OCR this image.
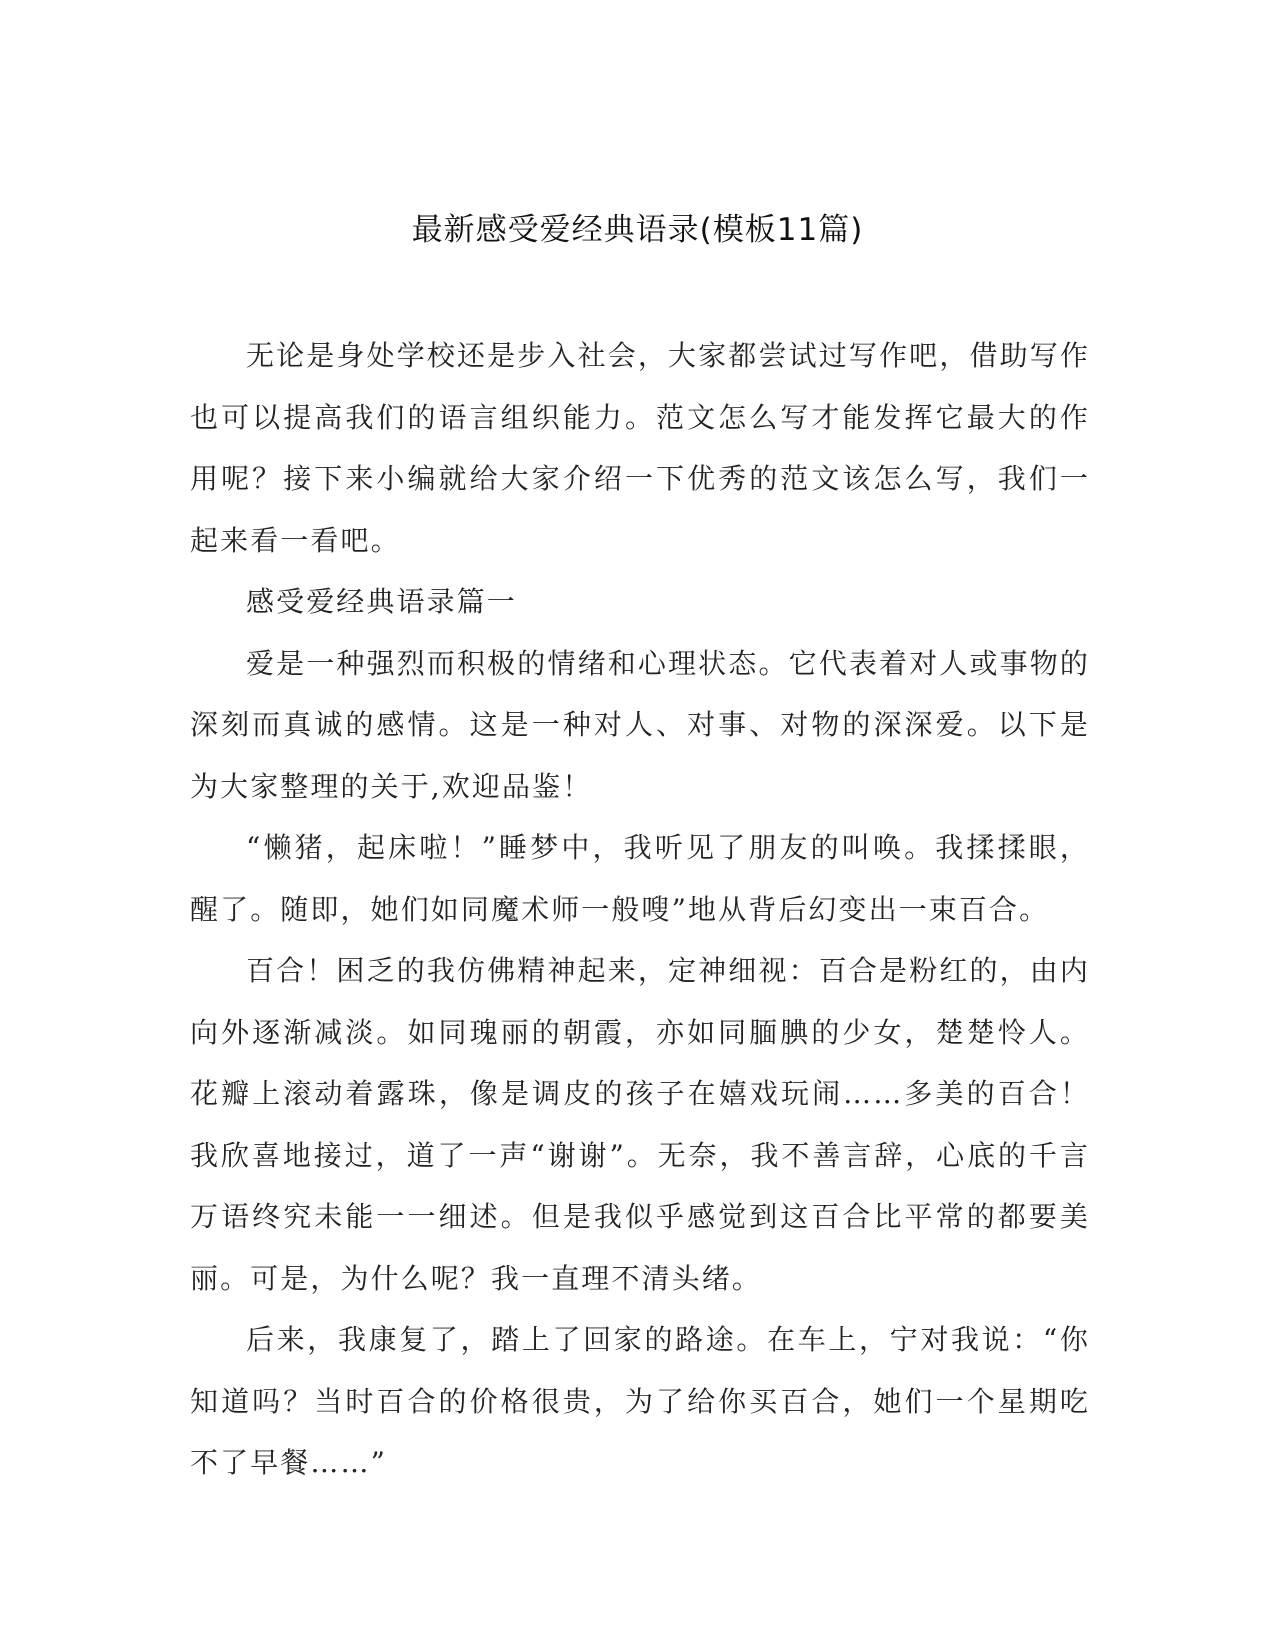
最新感受爱经典语录(模板11篇)

无论是身处学校还是步入社会，大家都尝试过写作吧，借助写作也可以提高我们的语言组织能力。范文怎么写才能发挥它最大的作用呢？接下来小编就给大家介绍一下优秀的范文该怎么写，我们一起来看一看吧。

感受爱经典语录篇一

爱是一种强烈而积极的情绪和心理状态。它代表着对人或事物的深刻而真诚的感情。这是一种对人、对事、对物的深深爱。以下是为大家整理的关于,欢迎品鉴！

“懒猪，起床啦！”睡梦中，我听见了朋友的叫唤。我揉揉眼，醒了。随即，她们如同魔术师一般嗖”地从背后幻变出一束百合。

百合！困乏的我仿佛精神起来，定神细视：百合是粉红的，由内向外逐渐减淡。如同瑰丽的朝霞，亦如同腼腆的少女，楚楚怜人。花瓣上滚动着露珠，像是调皮的孩子在嬉戏玩闹……多美的百合！我欣喜地接过，道了一声“谢谢”。无奈，我不善言辞，心底的千言万语终究未能一一细述。但是我似乎感觉到这百合比平常的都要美丽。可是，为什么呢？我一直理不清头绪。

后来，我康复了，踏上了回家的路途。在车上，宁对我说：“你知道吗？当时百合的价格很贵，为了给你买百合，她们一个星期吃不了早餐……”
